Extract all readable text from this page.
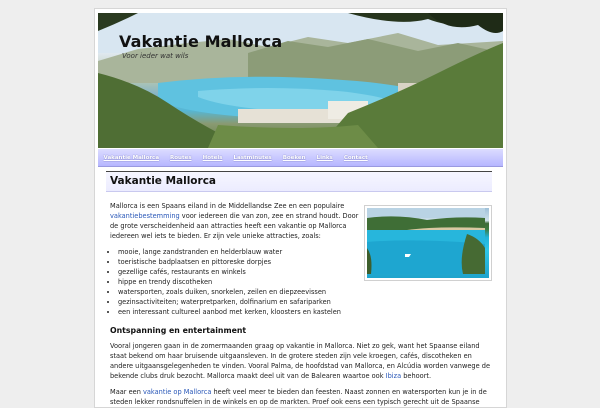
Vakantie Mallorca
Voor ieder wat wils
Vakantie Mallorca	Routes	Hotels	Lastminutes	Boeken	Links	Contact
Vakantie Mallorca

Mallorca is een Spaans eiland in de Middellandse Zee en een populaire vakantiebestemming voor iedereen die van zon, zee en strand houdt. Door de grote verscheidenheid aan attracties heeft een vakantie op Mallorca iedereen wel iets te bieden. Er zijn vele unieke attracties, zoals:

• mooie, lange zandstranden en helderblauw water
• toeristische badplaatsen en pittoreske dorpjes
• gezellige cafés, restaurants en winkels
• hippe en trendy discotheken
• watersporten, zoals duiken, snorkelen, zeilen en diepzeevissen
• gezinsactiviteiten; waterpretparken, dolfinarium en safariparken
• een interessant cultureel aanbod met kerken, kloosters en kastelen
Ontspanning en entertainment

Vooral jongeren gaan in de zomermaanden graag op vakantie in Mallorca. Niet zo gek, want het Spaanse eiland staat bekend om haar bruisende uitgaansleven. In de grotere steden zijn vele kroegen, cafés, discotheken en andere uitgaansgelegenheden te vinden. Vooral Palma, de hoofdstad van Mallorca, en Alcúdia worden vanwege de bekende clubs druk bezocht. Mallorca maakt deel uit van de Balearen waartoe ook Ibiza behoort.

Maar een vakantie op Mallorca heeft veel meer te bieden dan feesten. Naast zonnen en watersporten kun je in de steden lekker rondsnuffelen in de winkels en op de markten. Proef ook eens een typisch gerecht uit de Spaanse
